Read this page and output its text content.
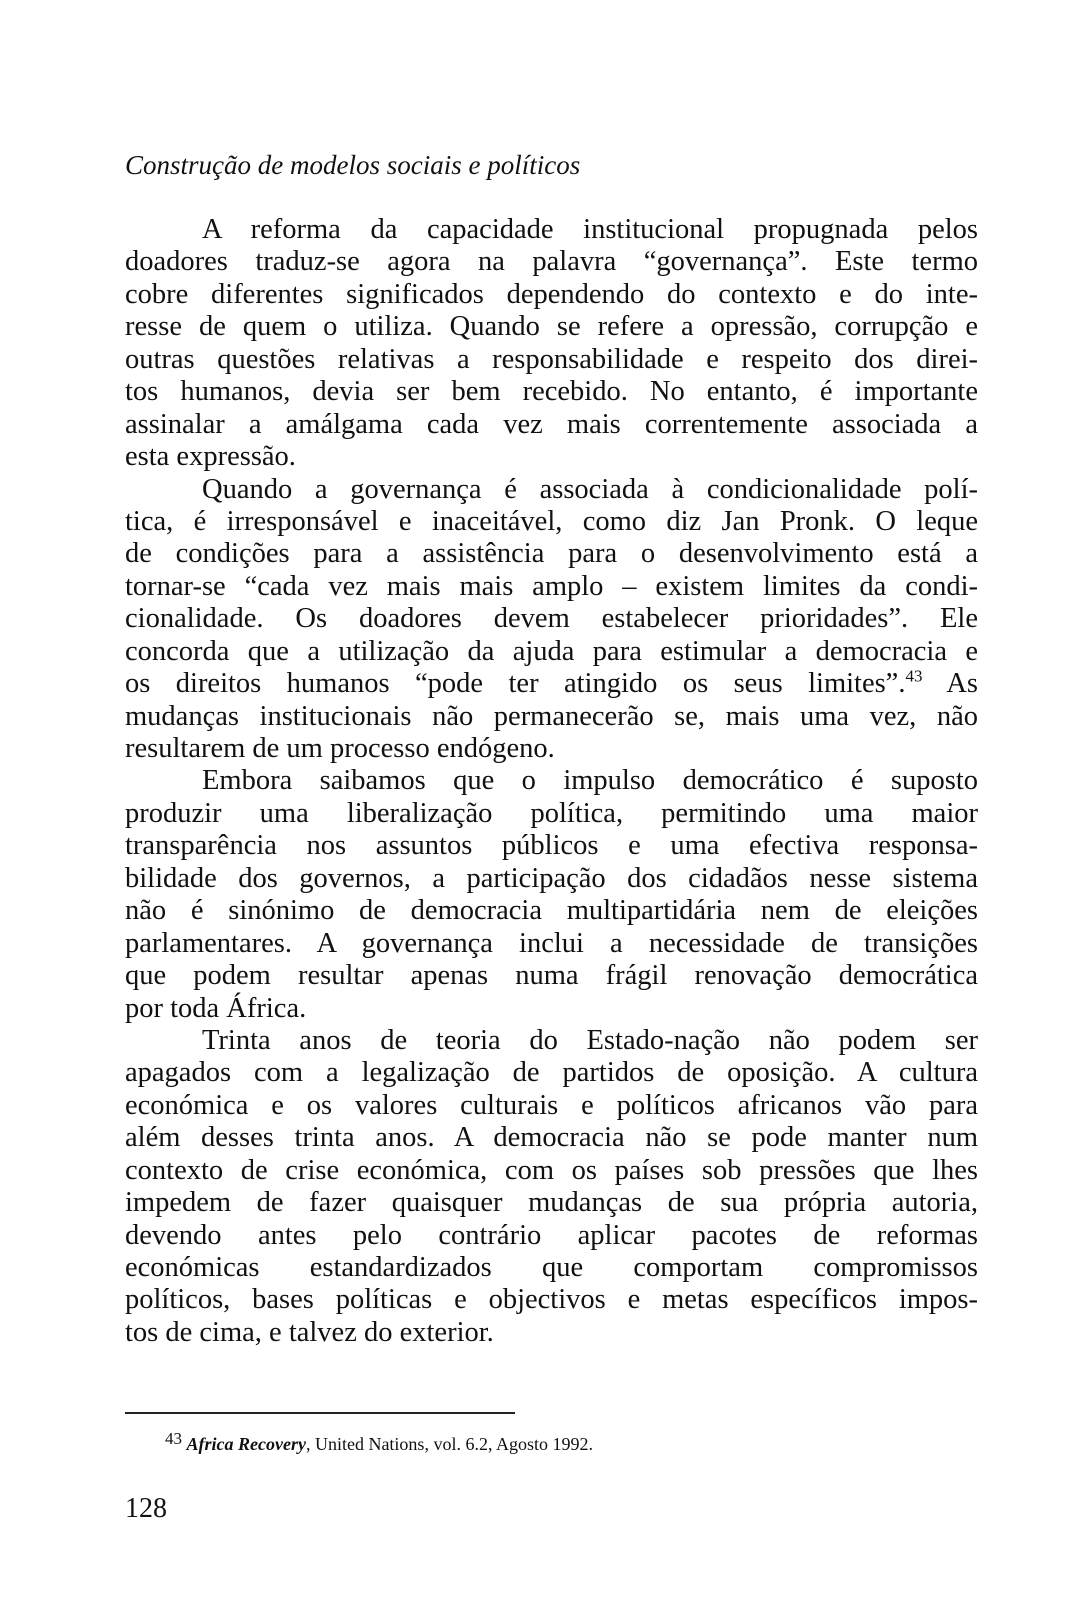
Construção de modelos sociais e políticos
A reforma da capacidade institucional propugnada pelos
doadores traduz-se agora na palavra “governança”. Este termo
cobre diferentes significados dependendo do contexto e do inte-
resse de quem o utiliza. Quando se refere a opressão, corrupção e
outras questões relativas a responsabilidade e respeito dos direi-
tos humanos, devia ser bem recebido. No entanto, é importante
assinalar a amálgama cada vez mais correntemente associada a
esta expressão.
Quando a governança é associada à condicionalidade polí-
tica, é irresponsável e inaceitável, como diz Jan Pronk. O leque
de condições para a assistência para o desenvolvimento está a
tornar-se “cada vez mais mais amplo – existem limites da condi-
cionalidade. Os doadores devem estabelecer prioridades”. Ele
concorda que a utilização da ajuda para estimular a democracia e
os direitos humanos “pode ter atingido os seus limites”.$^{43}$ As
mudanças institucionais não permanecerão se, mais uma vez, não
resultarem de um processo endógeno.
Embora saibamos que o impulso democrático é suposto
produzir uma liberalização política, permitindo uma maior
transparência nos assuntos públicos e uma efectiva responsa-
bilidade dos governos, a participação dos cidadãos nesse sistema
não é sinónimo de democracia multipartidária nem de eleições
parlamentares. A governança inclui a necessidade de transições
que podem resultar apenas numa frágil renovação democrática
por toda África.
Trinta anos de teoria do Estado-nação não podem ser
apagados com a legalização de partidos de oposição. A cultura
económica e os valores culturais e políticos africanos vão para
além desses trinta anos. A democracia não se pode manter num
contexto de crise económica, com os países sob pressões que lhes
impedem de fazer quaisquer mudanças de sua própria autoria,
devendo antes pelo contrário aplicar pacotes de reformas
económicas estandardizados que comportam compromissos
políticos, bases políticas e objectivos e metas específicos impos-
tos de cima, e talvez do exterior.
$^{43}$ Africa Recovery, United Nations, vol. 6.2, Agosto 1992.
128
